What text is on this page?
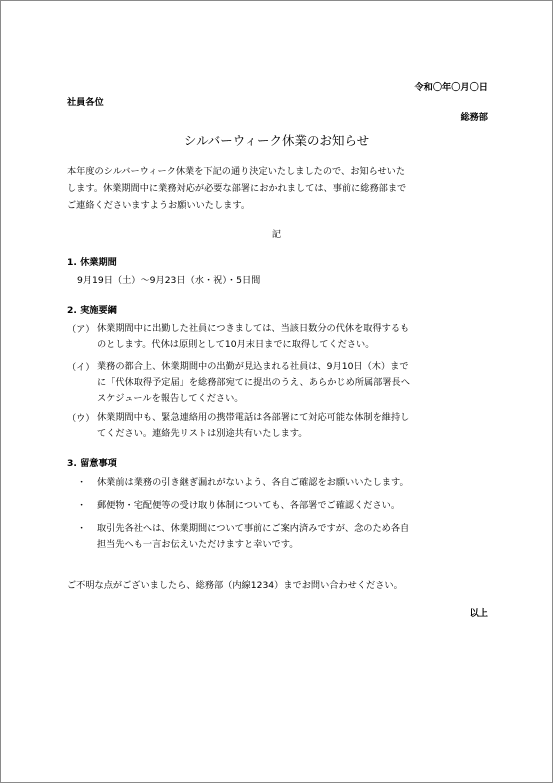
令和〇年〇月〇日
社員各位
総務部
シルバーウィーク休業のお知らせ
本年度のシルバーウィーク休業を下記の通り決定いたしましたので、お知らせいた
します。休業期間中に業務対応が必要な部署におかれましては、事前に総務部まで
ご連絡くださいますようお願いいたします。
記
1. 休業期間
9月19日（土）～9月23日（水・祝）・5日間
2. 実施要綱
（ア） 休業期間中に出勤した社員につきましては、当該日数分の代休を取得するも
のとします。代休は原則として10月末日までに取得してください。
（イ） 業務の都合上、休業期間中の出勤が見込まれる社員は、9月10日（木）まで
に「代休取得予定届」を総務部宛てに提出のうえ、あらかじめ所属部署長へ
スケジュールを報告してください。
（ウ） 休業期間中も、緊急連絡用の携帯電話は各部署にて対応可能な体制を維持し
てください。連絡先リストは別途共有いたします。
3. 留意事項
・ 休業前は業務の引き継ぎ漏れがないよう、各自ご確認をお願いいたします。
・ 郵便物・宅配便等の受け取り体制についても、各部署でご確認ください。
・ 取引先各社へは、休業期間について事前にご案内済みですが、念のため各自
担当先へも一言お伝えいただけますと幸いです。
ご不明な点がございましたら、総務部（内線1234）までお問い合わせください。
以上
